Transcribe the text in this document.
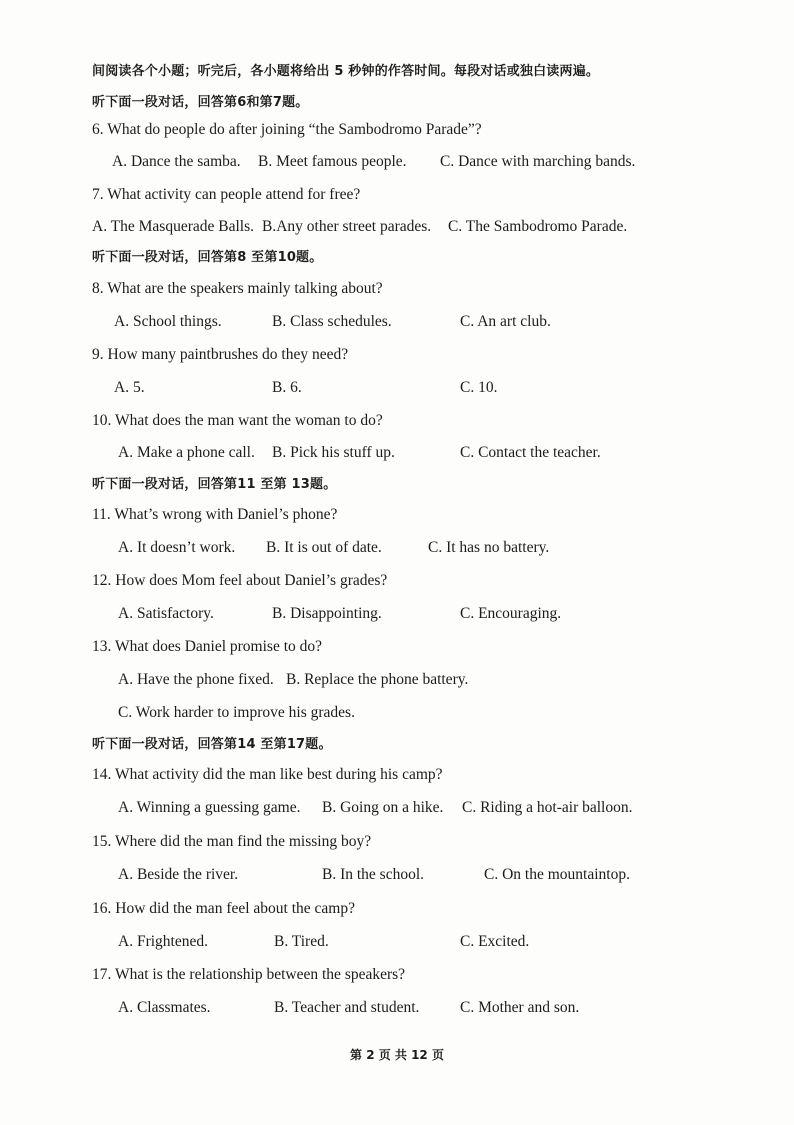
间阅读各个小题；听完后，各小题将给出 5 秒钟的作答时间。每段对话或独白读两遍。
听下面一段对话，回答第6和第7题。
6. What do people do after joining “the Sambodromo Parade”?
A. Dance the samba. B. Meet famous people. C. Dance with marching bands.
7. What activity can people attend for free?
A. The Masquerade Balls. B.Any other street parades. C. The Sambodromo Parade.
听下面一段对话，回答第8 至第10题。
8. What are the speakers mainly talking about?
A. School things.	B. Class schedules.	C. An art club.
9. How many paintbrushes do they need?
A. 5.	B. 6.	C. 10.
10. What does the man want the woman to do?
A. Make a phone call. B. Pick his stuff up.	C. Contact the teacher.
听下面一段对话，回答第11 至第 13题。
11. What’s wrong with Daniel’s phone?
A. It doesn’t work. B. It is out of date.	C. It has no battery.
12. How does Mom feel about Daniel’s grades?
A. Satisfactory.	B. Disappointing.	C. Encouraging.
13. What does Daniel promise to do?
A. Have the phone fixed. B. Replace the phone battery.
C. Work harder to improve his grades.
听下面一段对话，回答第14 至第17题。
14. What activity did the man like best during his camp?
A. Winning a guessing game. B. Going on a hike. C. Riding a hot-air balloon.
15. Where did the man find the missing boy?
A. Beside the river.	B. In the school.	C. On the mountaintop.
16. How did the man feel about the camp?
A. Frightened.	B. Tired.	C. Excited.
17. What is the relationship between the speakers?
A. Classmates.	B. Teacher and student.	C. Mother and son.
第 2 页 共 12 页
